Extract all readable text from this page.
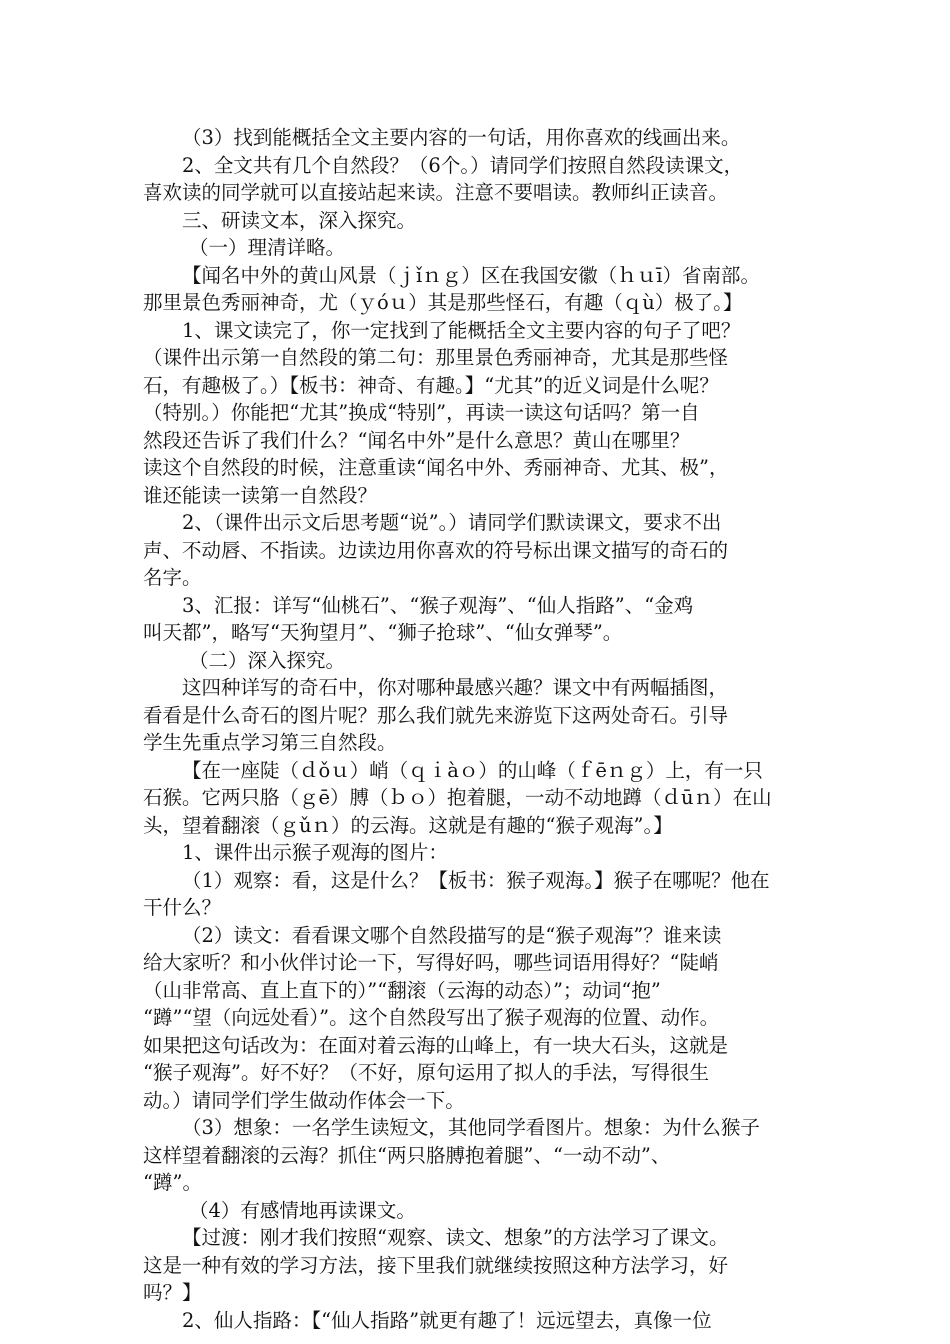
（3）找到能概括全文主要内容的一句话，用你喜欢的线画出来。
2、全文共有几个自然段？（6个。）请同学们按照自然段读课文，
喜欢读的同学就可以直接站起来读。注意不要唱读。教师纠正读音。
三、研读文本，深入探究。
（一）理清详略。
【闻名中外的黄山风景（ｊǐｎｇ）区在我国安徽（ｈｕī）省南部。
那里景色秀丽神奇，尤（ｙóｕ）其是那些怪石，有趣（ｑù）极了。】
1、课文读完了，你一定找到了能概括全文主要内容的句子了吧？
（课件出示第一自然段的第二句：那里景色秀丽神奇，尤其是那些怪
石，有趣极了。）【板书：神奇、有趣。】“尤其”的近义词是什么呢？
（特别。）你能把“尤其”换成“特别”，再读一读这句话吗？第一自
然段还告诉了我们什么？“闻名中外”是什么意思？黄山在哪里？
读这个自然段的时候，注意重读“闻名中外、秀丽神奇、尤其、极”，
谁还能读一读第一自然段？
2、（课件出示文后思考题“说”。）请同学们默读课文，要求不出
声、不动唇、不指读。边读边用你喜欢的符号标出课文描写的奇石的
名字。
3、汇报：详写“仙桃石”、“猴子观海”、“仙人指路”、“金鸡
叫天都”，略写“天狗望月”、“狮子抢球”、“仙女弹琴”。
（二）深入探究。
这四种详写的奇石中，你对哪种最感兴趣？课文中有两幅插图，
看看是什么奇石的图片呢？那么我们就先来游览下这两处奇石。引导
学生先重点学习第三自然段。
【在一座陡（ｄǒｕ）峭（ｑｉàｏ）的山峰（ｆēｎｇ）上，有一只
石猴。它两只胳（ｇē）膊（ｂｏ）抱着腿，一动不动地蹲（ｄūｎ）在山
头，望着翻滚（ｇǔｎ）的云海。这就是有趣的“猴子观海”。】
1、课件出示猴子观海的图片：
（1）观察：看，这是什么？【板书：猴子观海。】猴子在哪呢？他在
干什么？
（2）读文：看看课文哪个自然段描写的是“猴子观海”？谁来读
给大家听？和小伙伴讨论一下，写得好吗，哪些词语用得好？“陡峭
（山非常高、直上直下的）”“翻滚（云海的动态）”；动词“抱”
“蹲”“望（向远处看）”。这个自然段写出了猴子观海的位置、动作。
如果把这句话改为：在面对着云海的山峰上，有一块大石头，这就是
“猴子观海”。好不好？（不好，原句运用了拟人的手法，写得很生
动。）请同学们学生做动作体会一下。
（3）想象：一名学生读短文，其他同学看图片。想象：为什么猴子
这样望着翻滚的云海？抓住“两只胳膊抱着腿”、“一动不动”、
“蹲”。
（4）有感情地再读课文。
【过渡：刚才我们按照“观察、读文、想象”的方法学习了课文。
这是一种有效的学习方法，接下里我们就继续按照这种方法学习，好
吗？】
2、仙人指路：【“仙人指路”就更有趣了！远远望去，真像一位
